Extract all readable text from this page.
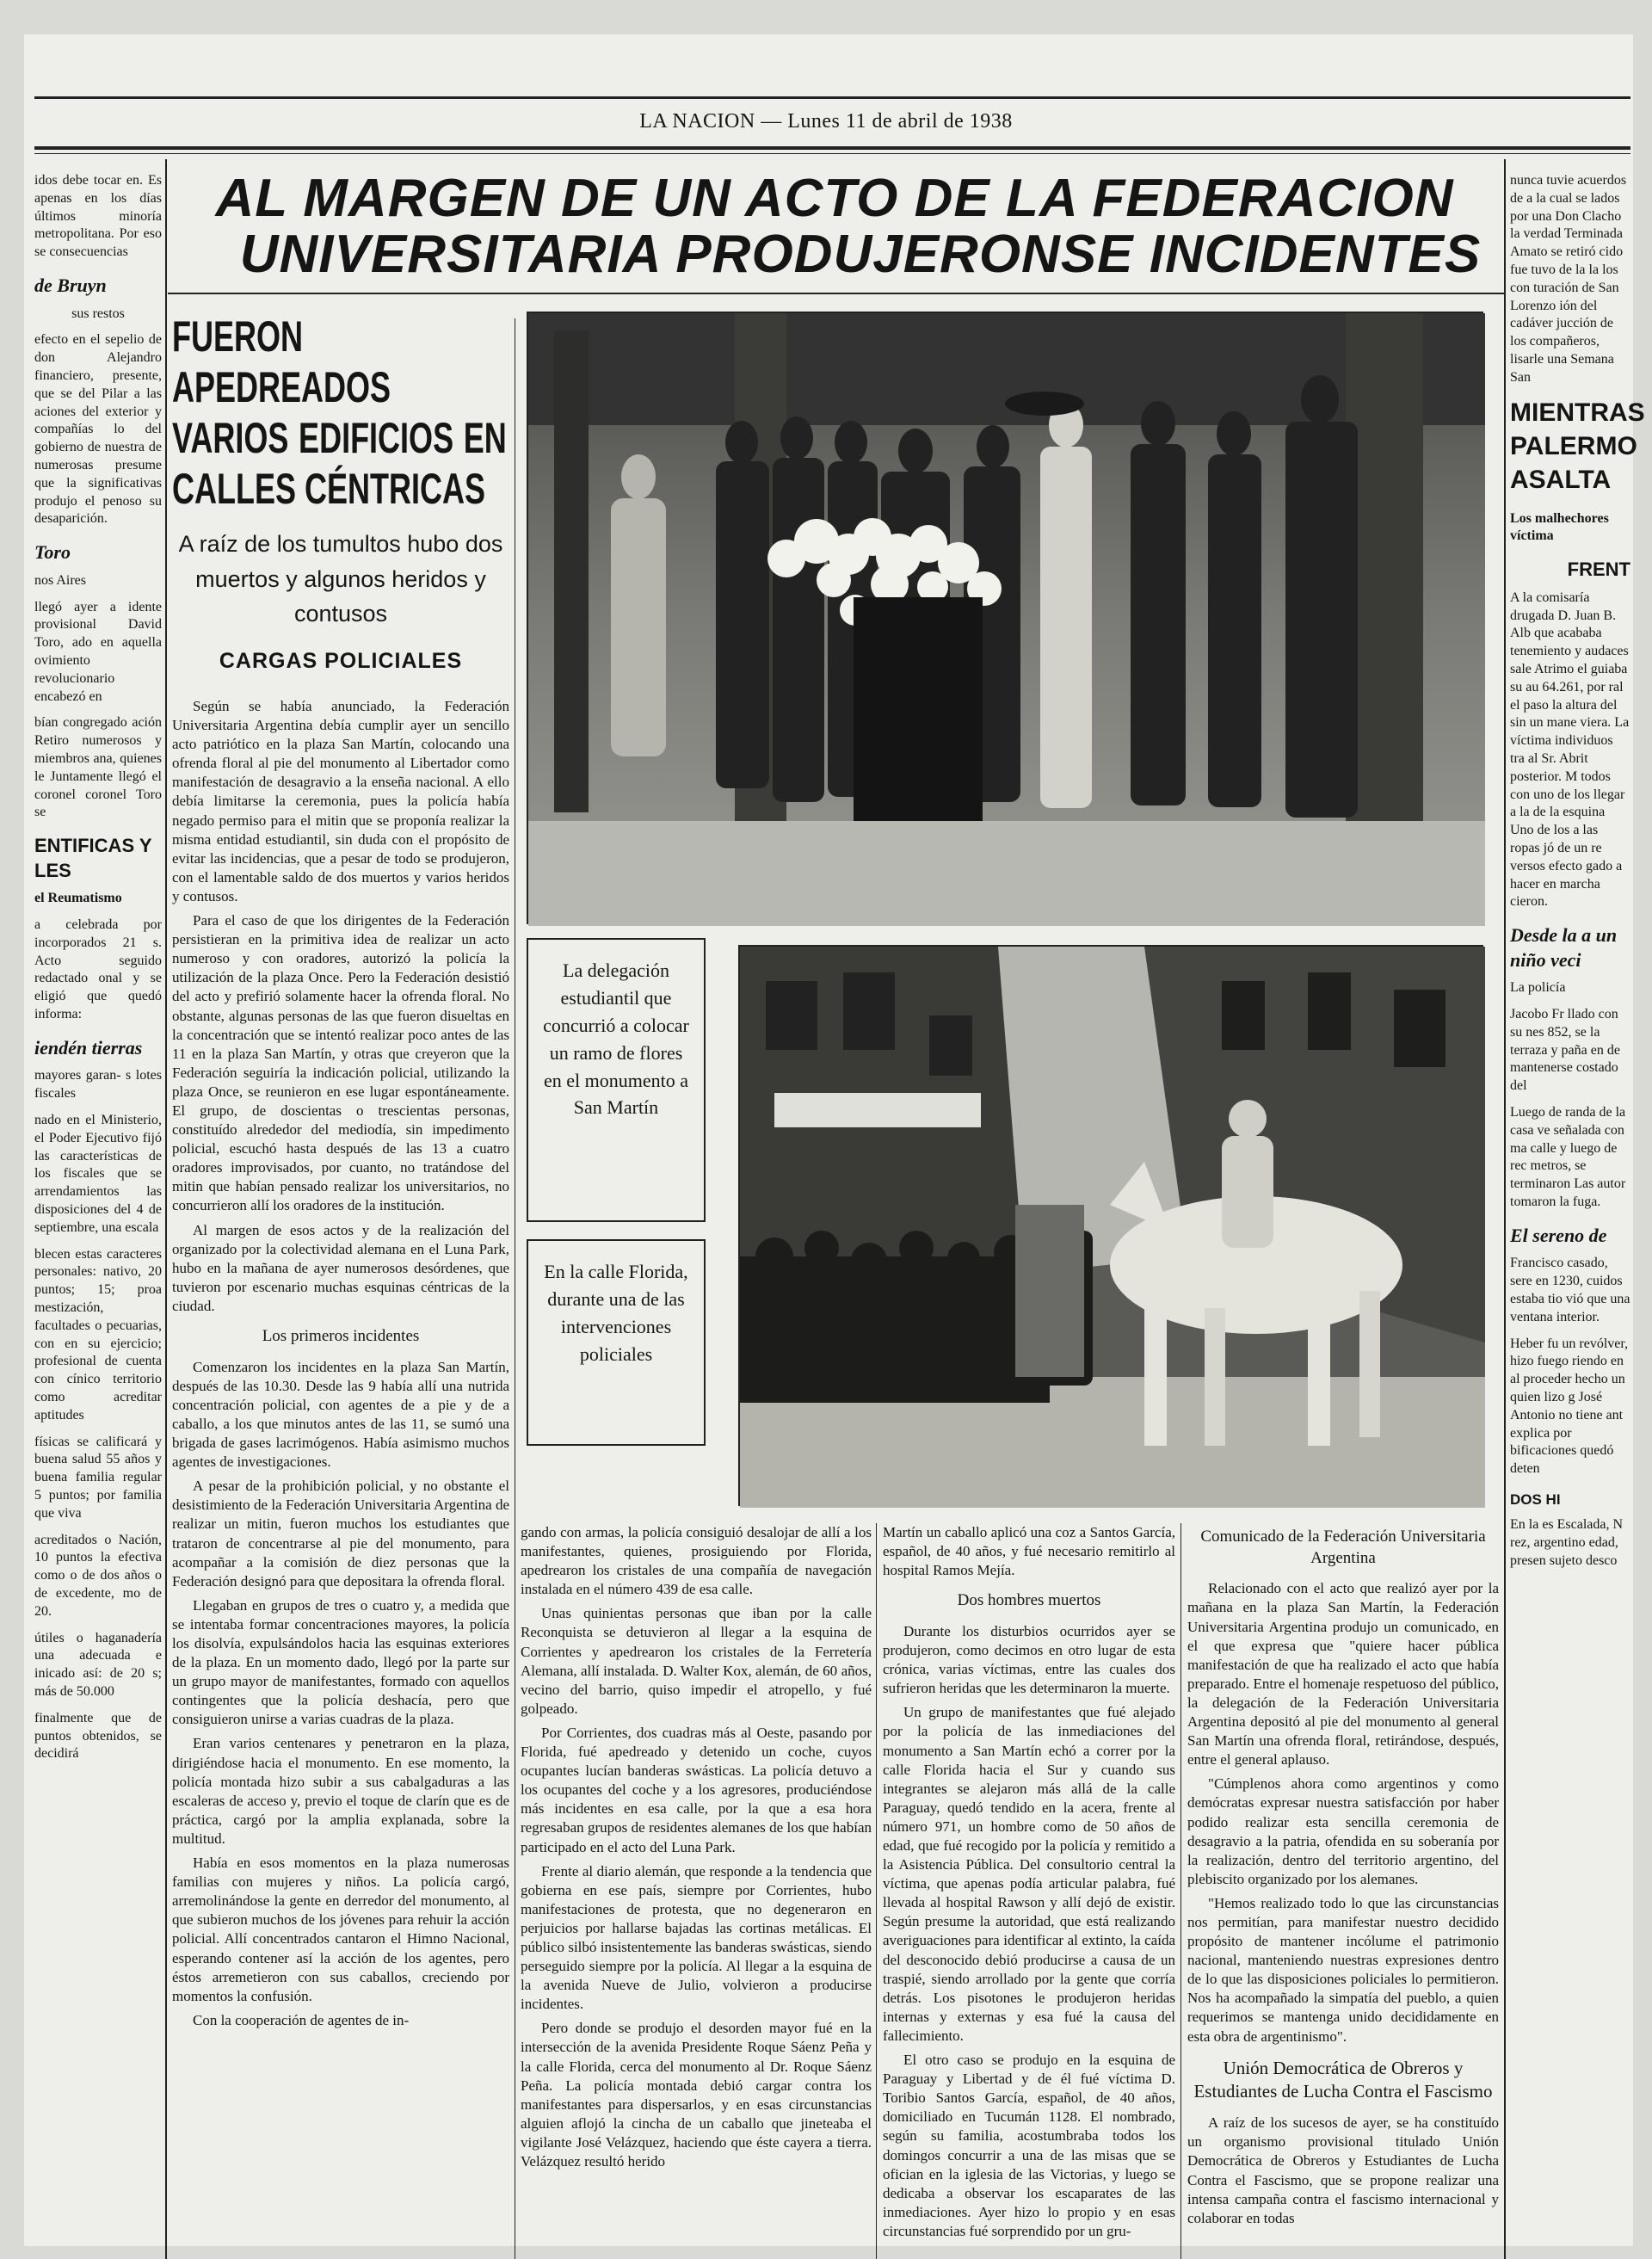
LA NACION — Lunes 11 de abril de 1938
AL MARGEN DE UN ACTO DE LA FEDERACION
UNIVERSITARIA PRODUJERONSE INCIDENTES

idos debe tocar en. Es apenas en los días últimos minoría metropolitana. Por eso se consecuencias

de Bruyn

sus restos

efecto en el sepelio de don Alejandro financiero, presente, que se del Pilar a las aciones del exterior y compañías lo del gobierno de nuestra de numerosas presume que la significativas produjo el penoso su desaparición.

Toro

nos Aires

llegó ayer a idente provisional David Toro, ado en aquella ovimiento revolucionario encabezó en

bían congregado ación Retiro numerosos y miembros ana, quienes le Juntamente llegó el coronel coronel Toro se

ENTIFICAS Y LES

el Reumatismo

a celebrada por incorporados 21 s. Acto seguido redactado onal y se eligió que quedó informa:

iendén tierras

mayores garan- s lotes fiscales

nado en el Ministerio, el Poder Ejecutivo fijó las características de los fiscales que se arrendamientos las disposiciones del 4 de septiembre, una escala

blecen estas caracteres personales: nativo, 20 puntos; 15; proa mestización, facultades o pecuarias, con en su ejercicio; profesional de cuenta con cínico territorio como acreditar aptitudes

físicas se calificará y buena salud 55 años y buena familia regular 5 puntos; por familia que viva

acreditados o Nación, 10 puntos la efectiva como o de dos años o de excedente, mo de 20.

útiles o haganadería una adecuada e inicado así: de 20 s; más de 50.000

finalmente que de puntos obtenidos, se decidirá

FUERON APEDREADOS VARIOS EDIFICIOS EN CALLES CÉNTRICAS
A raíz de los tumultos hubo dos muertos y algunos heridos y contusos
CARGAS POLICIALES

Según se había anunciado, la Federación Universitaria Argentina debía cumplir ayer un sencillo acto patriótico en la plaza San Martín, colocando una ofrenda floral al pie del monumento al Libertador como manifestación de desagravio a la enseña nacional. A ello debía limitarse la ceremonia, pues la policía había negado permiso para el mitin que se proponía realizar la misma entidad estudiantil, sin duda con el propósito de evitar las incidencias, que a pesar de todo se produjeron, con el lamentable saldo de dos muertos y varios heridos y contusos.

Para el caso de que los dirigentes de la Federación persistieran en la primitiva idea de realizar un acto numeroso y con oradores, autorizó la policía la utilización de la plaza Once. Pero la Federación desistió del acto y prefirió solamente hacer la ofrenda floral. No obstante, algunas personas de las que fueron disueltas en la concentración que se intentó realizar poco antes de las 11 en la plaza San Martín, y otras que creyeron que la Federación seguiría la indicación policial, utilizando la plaza Once, se reunieron en ese lugar espontáneamente. El grupo, de doscientas o trescientas personas, constituído alrededor del mediodía, sin impedimento policial, escuchó hasta después de las 13 a cuatro oradores improvisados, por cuanto, no tratándose del mitin que habían pensado realizar los universitarios, no concurrieron allí los oradores de la institución.

Al margen de esos actos y de la realización del organizado por la colectividad alemana en el Luna Park, hubo en la mañana de ayer numerosos desórdenes, que tuvieron por escenario muchas esquinas céntricas de la ciudad.

Los primeros incidentes

Comenzaron los incidentes en la plaza San Martín, después de las 10.30. Desde las 9 había allí una nutrida concentración policial, con agentes de a pie y de a caballo, a los que minutos antes de las 11, se sumó una brigada de gases lacrimógenos. Había asimismo muchos agentes de investigaciones.

A pesar de la prohibición policial, y no obstante el desistimiento de la Federación Universitaria Argentina de realizar un mitin, fueron muchos los estudiantes que trataron de concentrarse al pie del monumento, para acompañar a la comisión de diez personas que la Federación designó para que depositara la ofrenda floral.

Llegaban en grupos de tres o cuatro y, a medida que se intentaba formar concentraciones mayores, la policía los disolvía, expulsándolos hacia las esquinas exteriores de la plaza. En un momento dado, llegó por la parte sur un grupo mayor de manifestantes, formado con aquellos contingentes que la policía deshacía, pero que consiguieron unirse a varias cuadras de la plaza.

Eran varios centenares y penetraron en la plaza, dirigiéndose hacia el monumento. En ese momento, la policía montada hizo subir a sus cabalgaduras a las escaleras de acceso y, previo el toque de clarín que es de práctica, cargó por la amplia explanada, sobre la multitud.

Había en esos momentos en la plaza numerosas familias con mujeres y niños. La policía cargó, arremolinándose la gente en derredor del monumento, al que subieron muchos de los jóvenes para rehuir la acción policial. Allí concentrados cantaron el Himno Nacional, esperando contener así la acción de los agentes, pero éstos arremetieron con sus caballos, creciendo por momentos la confusión.

Con la cooperación de agentes de in-

La delegación estudiantil que concurrió a colocar un ramo de flores en el monumento a San Martín
En la calle Florida, durante una de las intervenciones policiales

gando con armas, la policía consiguió desalojar de allí a los manifestantes, quienes, prosiguiendo por Florida, apedrearon los cristales de una compañía de navegación instalada en el número 439 de esa calle.

Unas quinientas personas que iban por la calle Reconquista se detuvieron al llegar a la esquina de Corrientes y apedrearon los cristales de la Ferretería Alemana, allí instalada. D. Walter Kox, alemán, de 60 años, vecino del barrio, quiso impedir el atropello, y fué golpeado.

Por Corrientes, dos cuadras más al Oeste, pasando por Florida, fué apedreado y detenido un coche, cuyos ocupantes lucían banderas swásticas. La policía detuvo a los ocupantes del coche y a los agresores, produciéndose más incidentes en esa calle, por la que a esa hora regresaban grupos de residentes alemanes de los que habían participado en el acto del Luna Park.

Frente al diario alemán, que responde a la tendencia que gobierna en ese país, siempre por Corrientes, hubo manifestaciones de protesta, que no degeneraron en perjuicios por hallarse bajadas las cortinas metálicas. El público silbó insistentemente las banderas swásticas, siendo perseguido siempre por la policía. Al llegar a la esquina de la avenida Nueve de Julio, volvieron a producirse incidentes.

Pero donde se produjo el desorden mayor fué en la intersección de la avenida Presidente Roque Sáenz Peña y la calle Florida, cerca del monumento al Dr. Roque Sáenz Peña. La policía montada debió cargar contra los manifestantes para dispersarlos, y en esas circunstancias alguien aflojó la cincha de un caballo que jineteaba el vigilante José Velázquez, haciendo que éste cayera a tierra. Velázquez resultó herido

Martín un caballo aplicó una coz a Santos García, español, de 40 años, y fué necesario remitirlo al hospital Ramos Mejía.

Dos hombres muertos

Durante los disturbios ocurridos ayer se produjeron, como decimos en otro lugar de esta crónica, varias víctimas, entre las cuales dos sufrieron heridas que les determinaron la muerte.

Un grupo de manifestantes que fué alejado por la policía de las inmediaciones del monumento a San Martín echó a correr por la calle Florida hacia el Sur y cuando sus integrantes se alejaron más allá de la calle Paraguay, quedó tendido en la acera, frente al número 971, un hombre como de 50 años de edad, que fué recogido por la policía y remitido a la Asistencia Pública. Del consultorio central la víctima, que apenas podía articular palabra, fué llevada al hospital Rawson y allí dejó de existir. Según presume la autoridad, que está realizando averiguaciones para identificar al extinto, la caída del desconocido debió producirse a causa de un traspié, siendo arrollado por la gente que corría detrás. Los pisotones le produjeron heridas internas y externas y esa fué la causa del fallecimiento.

El otro caso se produjo en la esquina de Paraguay y Libertad y de él fué víctima D. Toribio Santos García, español, de 40 años, domiciliado en Tucumán 1128. El nombrado, según su familia, acostumbraba todos los domingos concurrir a una de las misas que se ofician en la iglesia de las Victorias, y luego se dedicaba a observar los escaparates de las inmediaciones. Ayer hizo lo propio y en esas circunstancias fué sorprendido por un gru-

Comunicado de la Federación Universitaria Argentina

Relacionado con el acto que realizó ayer por la mañana en la plaza San Martín, la Federación Universitaria Argentina produjo un comunicado, en el que expresa que "quiere hacer pública manifestación de que ha realizado el acto que había preparado. Entre el homenaje respetuoso del público, la delegación de la Federación Universitaria Argentina depositó al pie del monumento al general San Martín una ofrenda floral, retirándose, después, entre el general aplauso.

"Cúmplenos ahora como argentinos y como demócratas expresar nuestra satisfacción por haber podido realizar esta sencilla ceremonia de desagravio a la patria, ofendida en su soberanía por la realización, dentro del territorio argentino, del plebiscito organizado por los alemanes.

"Hemos realizado todo lo que las circunstancias nos permitían, para manifestar nuestro decidido propósito de mantener incólume el patrimonio nacional, manteniendo nuestras expresiones dentro de lo que las disposiciones policiales lo permitieron. Nos ha acompañado la simpatía del pueblo, a quien requerimos se mantenga unido decididamente en esta obra de argentinismo".

Unión Democrática de Obreros y Estudiantes de Lucha Contra el Fascismo

A raíz de los sucesos de ayer, se ha constituído un organismo provisional titulado Unión Democrática de Obreros y Estudiantes de Lucha Contra el Fascismo, que se propone realizar una intensa campaña contra el fascismo internacional y colaborar en todas

nunca tuvie acuerdos de a la cual se lados por una Don Clacho la verdad Terminada Amato se retiró cido fue tuvo de la la los con turación de San Lorenzo ión del cadáver jucción de los compañeros, lisarle una Semana San

MIENTRAS PALERMO ASALTA

Los malhechores víctima

FRENT

A la comisaría drugada D. Juan B. Alb que acababa tenemiento y audaces sale Atrimo el guiaba su au 64.261, por ral el paso la altura del sin un mane viera. La víctima individuos tra al Sr. Abrit posterior. M todos con uno de los llegar a la de la esquina Uno de los a las ropas jó de un re versos efecto gado a hacer en marcha cieron.

Desde la a un niño veci

La policía

Jacobo Fr llado con su nes 852, se la terraza y paña en de mantenerse costado del

Luego de randa de la casa ve señalada con ma calle y luego de rec metros, se terminaron Las autor tomaron la fuga.

El sereno de

Francisco casado, sere en 1230, cuidos estaba tio vió que una ventana interior.

Heber fu un revólver, hizo fuego riendo en al proceder hecho un quien lizo g José Antonio no tiene ant explica por bificaciones quedó deten

DOS HI

En la es Escalada, N rez, argentino edad, presen sujeto desco
